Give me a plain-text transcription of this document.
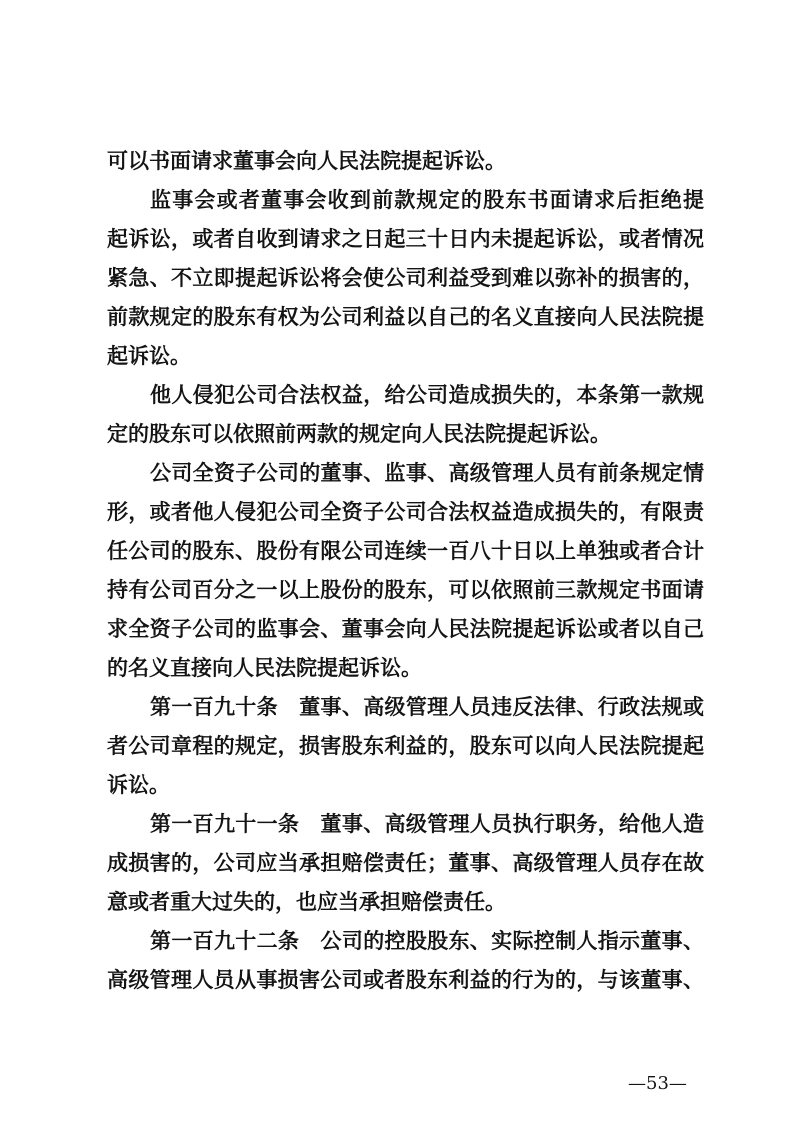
可以书面请求董事会向人民法院提起诉讼。
监事会或者董事会收到前款规定的股东书面请求后拒绝提
起诉讼，或者自收到请求之日起三十日内未提起诉讼，或者情况
紧急、不立即提起诉讼将会使公司利益受到难以弥补的损害的，
前款规定的股东有权为公司利益以自己的名义直接向人民法院提
起诉讼。
他人侵犯公司合法权益，给公司造成损失的，本条第一款规
定的股东可以依照前两款的规定向人民法院提起诉讼。
公司全资子公司的董事、监事、高级管理人员有前条规定情
形，或者他人侵犯公司全资子公司合法权益造成损失的，有限责
任公司的股东、股份有限公司连续一百八十日以上单独或者合计
持有公司百分之一以上股份的股东，可以依照前三款规定书面请
求全资子公司的监事会、董事会向人民法院提起诉讼或者以自己
的名义直接向人民法院提起诉讼。
第一百九十条　董事、高级管理人员违反法律、行政法规或
者公司章程的规定，损害股东利益的，股东可以向人民法院提起
诉讼。
第一百九十一条　董事、高级管理人员执行职务，给他人造
成损害的，公司应当承担赔偿责任；董事、高级管理人员存在故
意或者重大过失的，也应当承担赔偿责任。
第一百九十二条　公司的控股股东、实际控制人指示董事、
高级管理人员从事损害公司或者股东利益的行为的，与该董事、
—53—
